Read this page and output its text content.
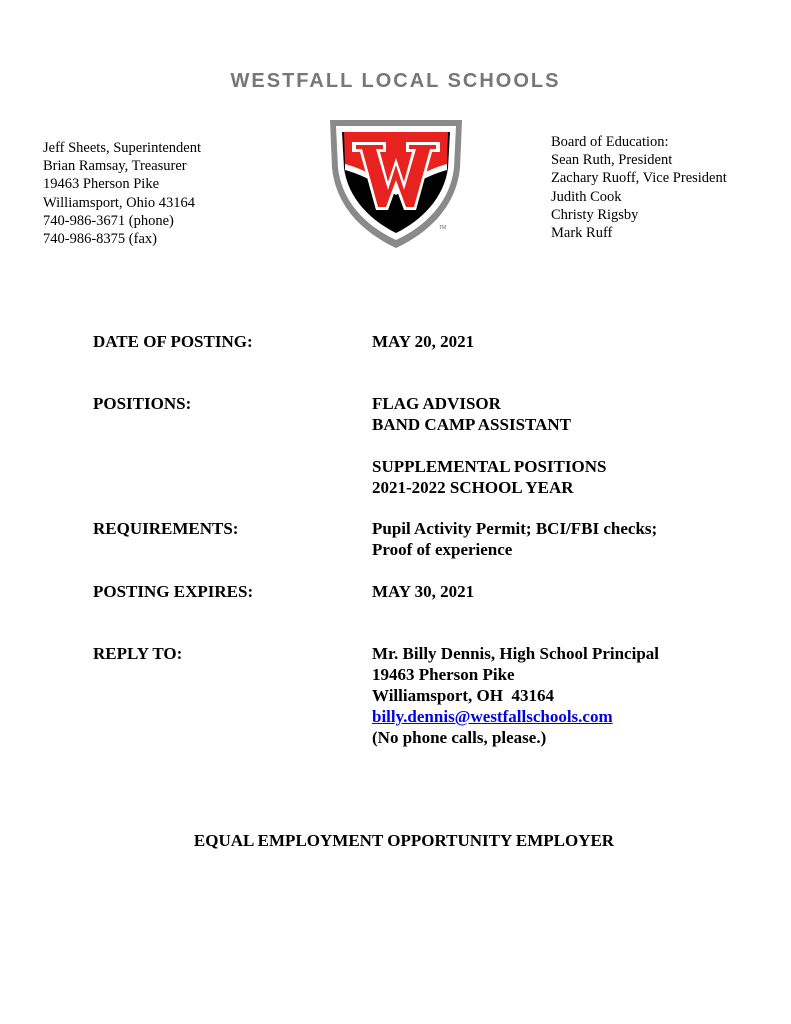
WESTFALL LOCAL SCHOOLS
Jeff Sheets, Superintendent
Brian Ramsay, Treasurer
19463 Pherson Pike
Williamsport, Ohio 43164
740-986-3671 (phone)
740-986-8375 (fax)
TM
Board of Education:
Sean Ruth, President
Zachary Ruoff, Vice President
Judith Cook
Christy Rigsby
Mark Ruff
DATE OF POSTING:	MAY 20, 2021
POSITIONS:	FLAG ADVISOR
BAND CAMP ASSISTANT
SUPPLEMENTAL POSITIONS
2021-2022 SCHOOL YEAR
REQUIREMENTS:	Pupil Activity Permit; BCI/FBI checks;
Proof of experience
POSTING EXPIRES:	MAY 30, 2021
REPLY TO:	Mr. Billy Dennis, High School Principal
19463 Pherson Pike
Williamsport, OH  43164
billy.dennis@westfallschools.com
(No phone calls, please.)
EQUAL EMPLOYMENT OPPORTUNITY EMPLOYER
